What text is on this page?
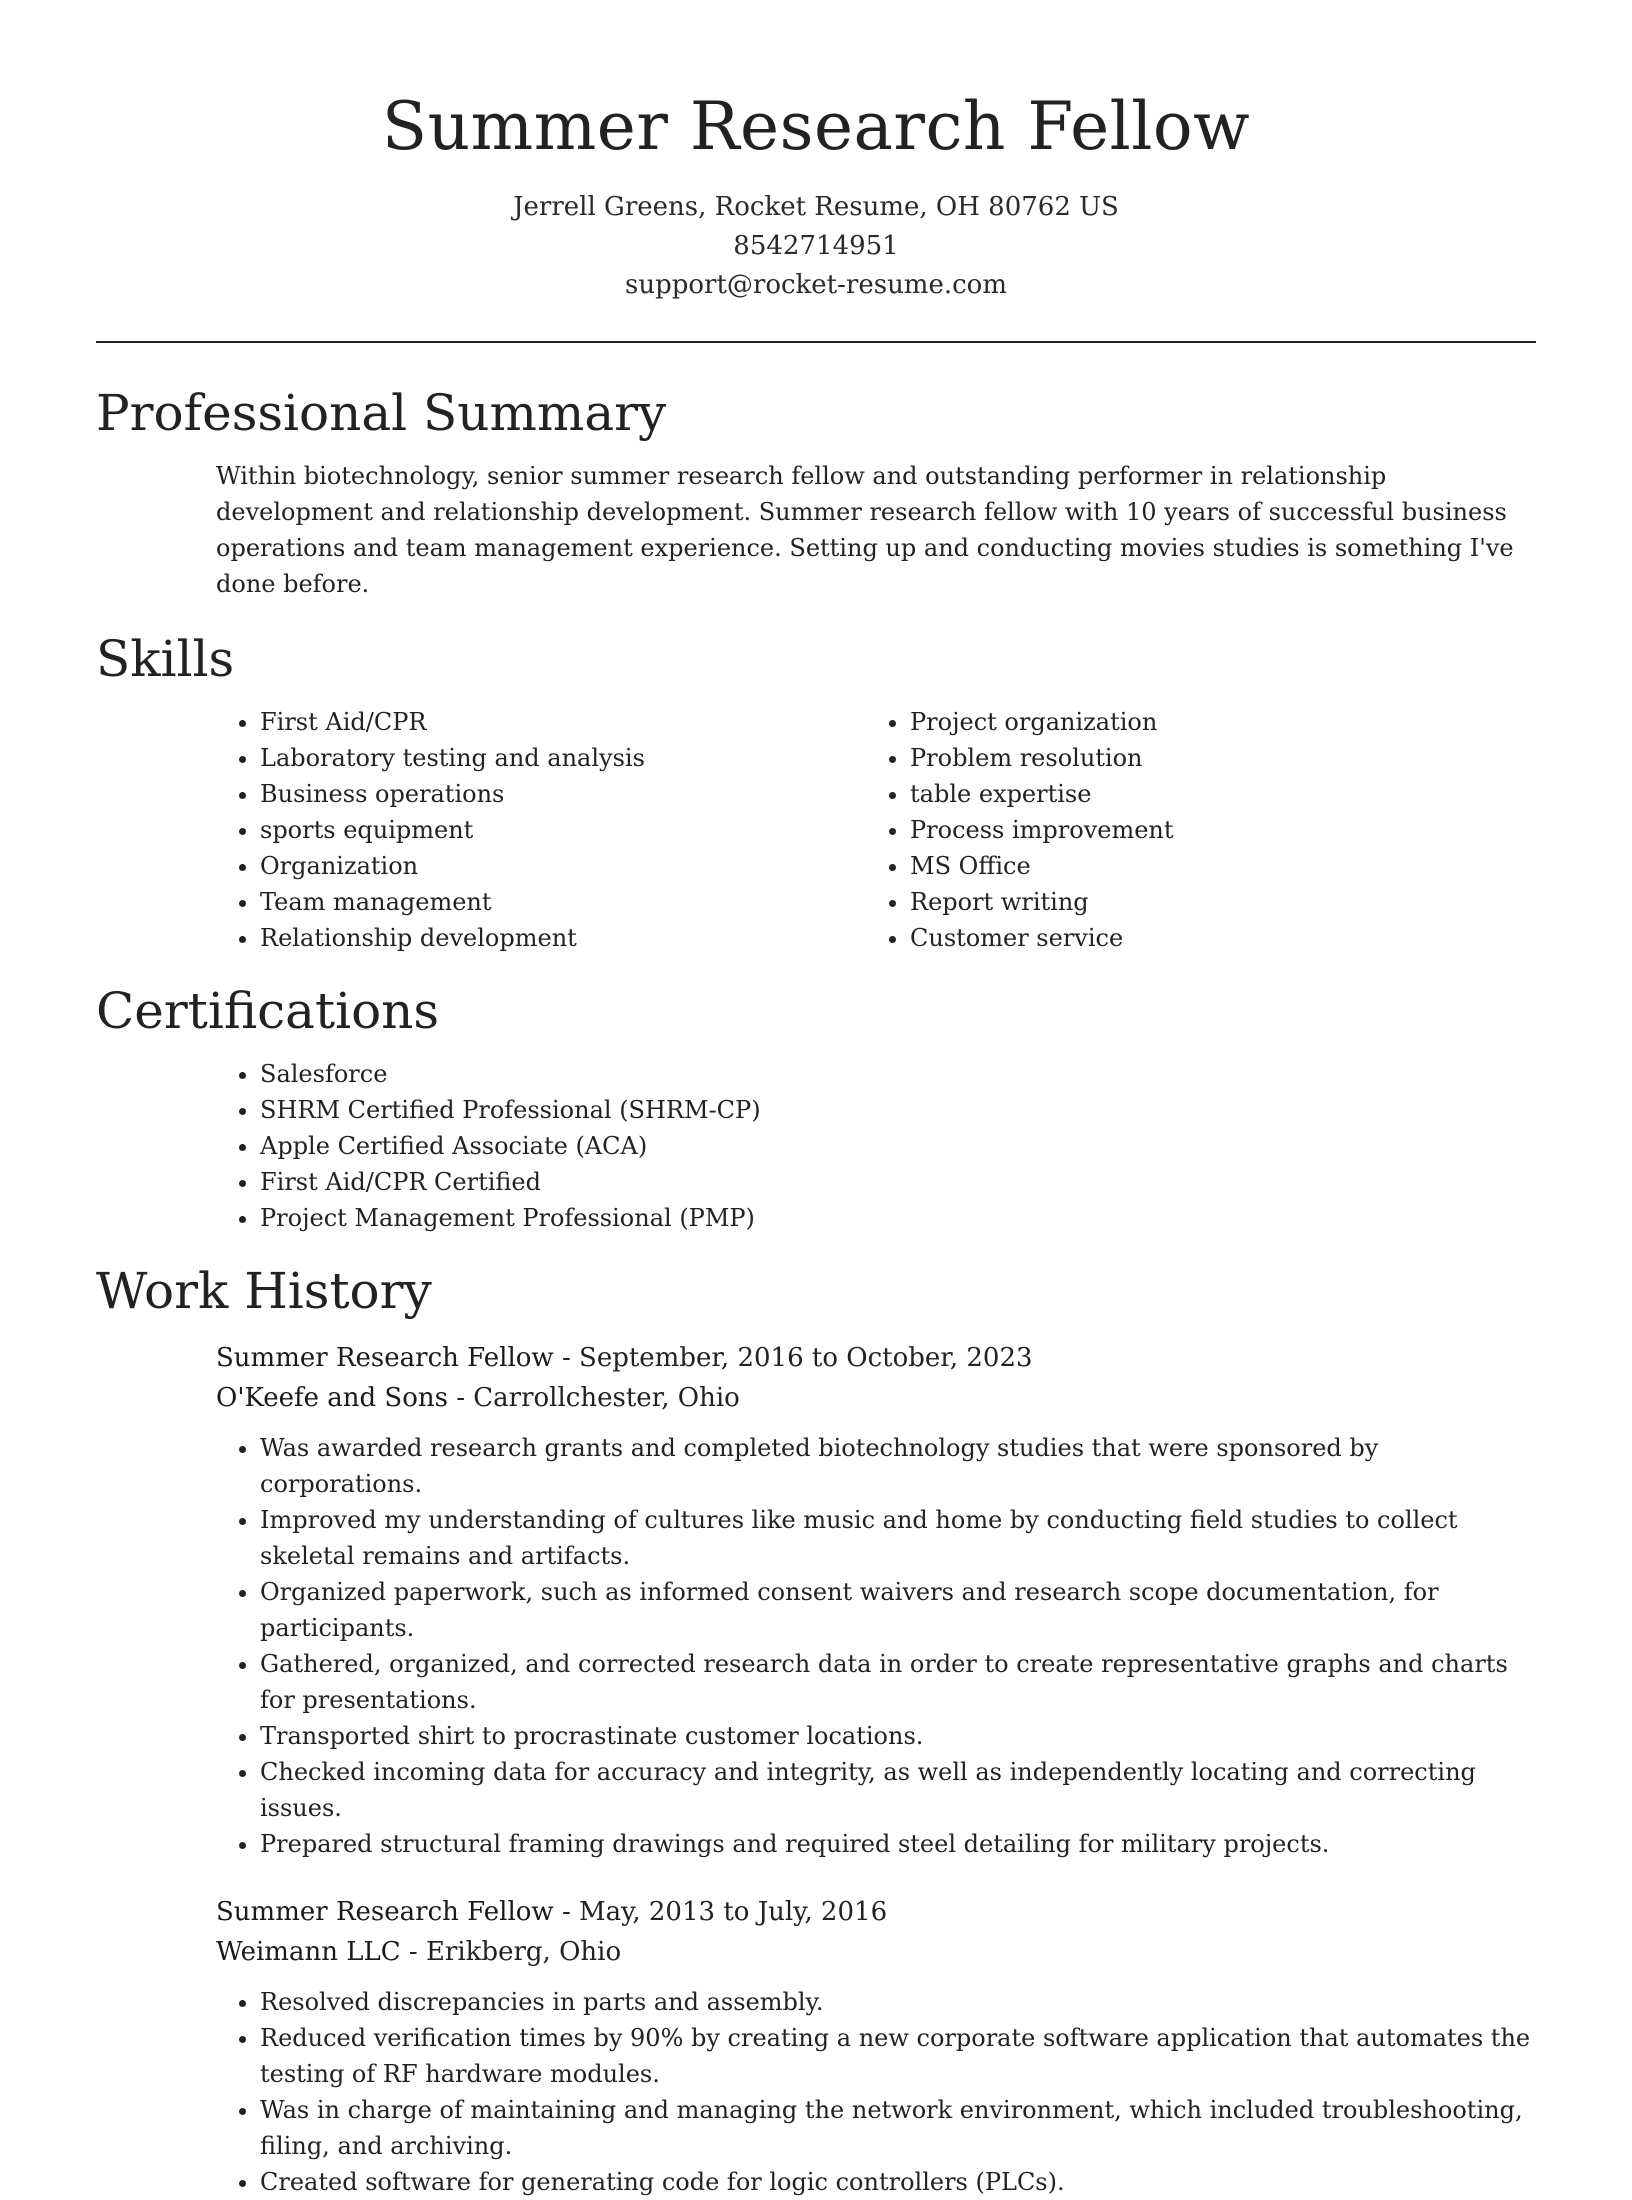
Summer Research Fellow
Jerrell Greens, Rocket Resume, OH 80762 US
8542714951
support@rocket-resume.com
Professional Summary

Within biotechnology, senior summer research fellow and outstanding performer in relationship development and relationship development. Summer research fellow with 10 years of successful business operations and team management experience. Setting up and conducting movies studies is something I've done before.

Skills
• First Aid/CPR
• Laboratory testing and analysis
• Business operations
• sports equipment
• Organization
• Team management
• Relationship development
• Project organization
• Problem resolution
• table expertise
• Process improvement
• MS Office
• Report writing
• Customer service
Certifications
• Salesforce
• SHRM Certified Professional (SHRM-CP)
• Apple Certified Associate (ACA)
• First Aid/CPR Certified
• Project Management Professional (PMP)
Work History
Summer Research Fellow - September, 2016 to October, 2023
O'Keefe and Sons - Carrollchester, Ohio
• Was awarded research grants and completed biotechnology studies that were sponsored by corporations.
• Improved my understanding of cultures like music and home by conducting field studies to collect skeletal remains and artifacts.
• Organized paperwork, such as informed consent waivers and research scope documentation, for participants.
• Gathered, organized, and corrected research data in order to create representative graphs and charts for presentations.
• Transported shirt to procrastinate customer locations.
• Checked incoming data for accuracy and integrity, as well as independently locating and correcting issues.
• Prepared structural framing drawings and required steel detailing for military projects.
Summer Research Fellow - May, 2013 to July, 2016
Weimann LLC - Erikberg, Ohio
• Resolved discrepancies in parts and assembly.
• Reduced verification times by 90% by creating a new corporate software application that automates the testing of RF hardware modules.
• Was in charge of maintaining and managing the network environment, which included troubleshooting, filing, and archiving.
• Created software for generating code for logic controllers (PLCs).
